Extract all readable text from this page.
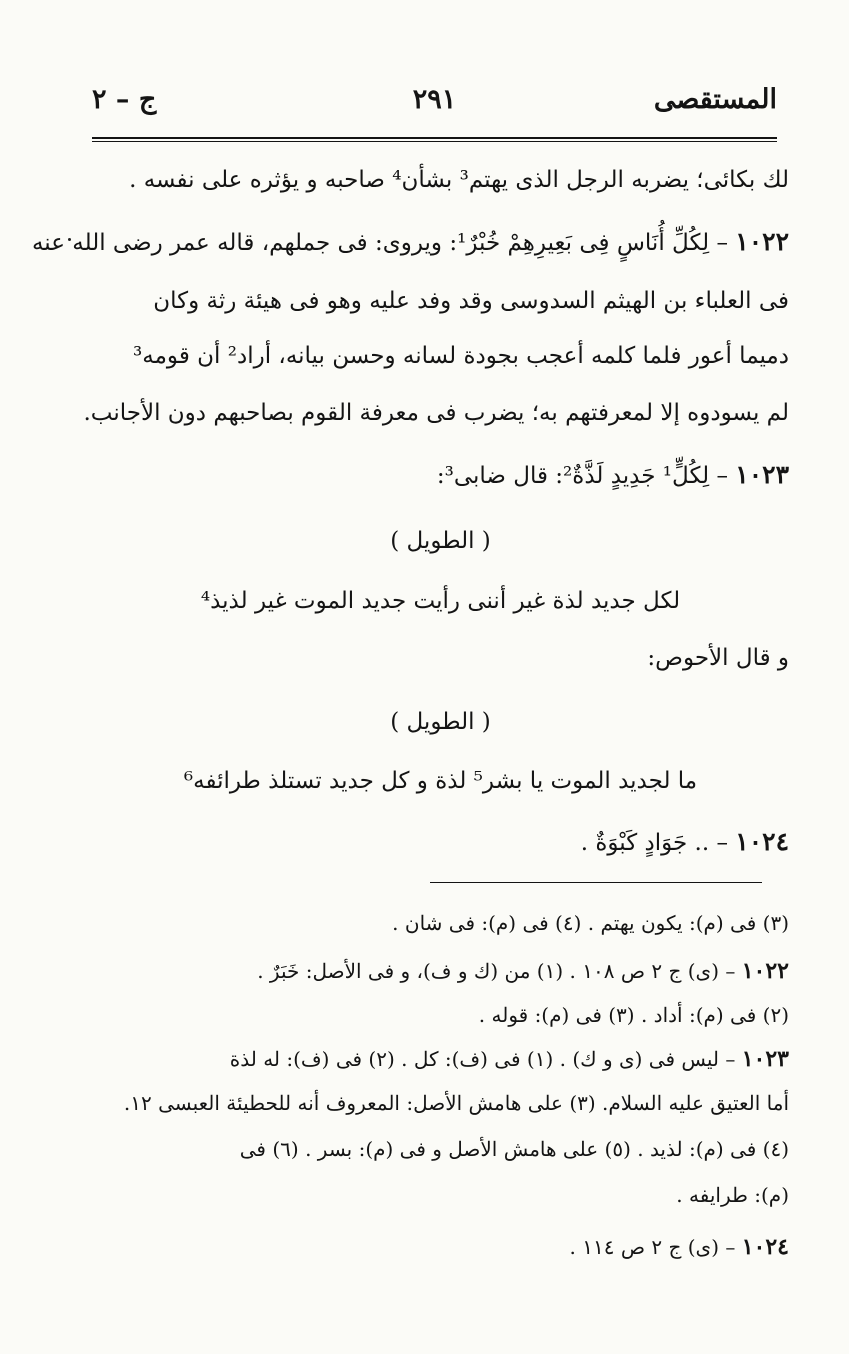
المستقصى
٢٩١
ج – ٢
لك بكائى؛ يضربه الرجل الذى يهتم³ بشأن⁴ صاحبه و يؤثره على نفسه .
١٠٢٢ – لِكُلِّ أُنَاسٍ فِى بَعِيرِهِمْ خُبْرٌ¹: ويروى: فى جملهم، قاله عمر رضى الله عنه
فى العلباء بن الهيثم السدوسى وقد وفد عليه وهو فى هيئة رثة وكان
دميما أعور فلما كلمه أعجب بجودة لسانه وحسن بيانه، أراد² أن قومه³
لم يسودوه إلا لمعرفتهم به؛ يضرب فى معرفة القوم بصاحبهم دون الأجانب.
١٠٢٣ – لِكُلٍّ¹ جَدِيدٍ لَذَّةٌ²: قال ضابى³:
( الطويل )
لكل جديد لذة غير أننى رأيت جديد الموت غير لذيذ⁴
و قال الأحوص:
( الطويل )
ما لجديد الموت يا بشر⁵ لذة و كل جديد تستلذ طرائفه⁶
١٠٢٤ – .. جَوَادٍ كَبْوَةٌ .
(٣) فى (م): يكون يهتم . (٤) فى (م): فى شان .
١٠٢٢ – (ى) ج ٢ ص ١٠٨ . (١) من (ك و ف)، و فى الأصل: خَبَرٌ .
(٢) فى (م): أداد . (٣) فى (م): قوله .
١٠٢٣ – ليس فى (ى و ك) . (١) فى (ف): كل . (٢) فى (ف): له لذة
أما العتيق عليه السلام. (٣) على هامش الأصل: المعروف أنه للحطيئة العبسى ١٢.
(٤) فى (م): لذيد . (٥) على هامش الأصل و فى (م): بسر . (٦) فى
(م): طرايفه .
١٠٢٤ – (ى) ج ٢ ص ١١٤ .
